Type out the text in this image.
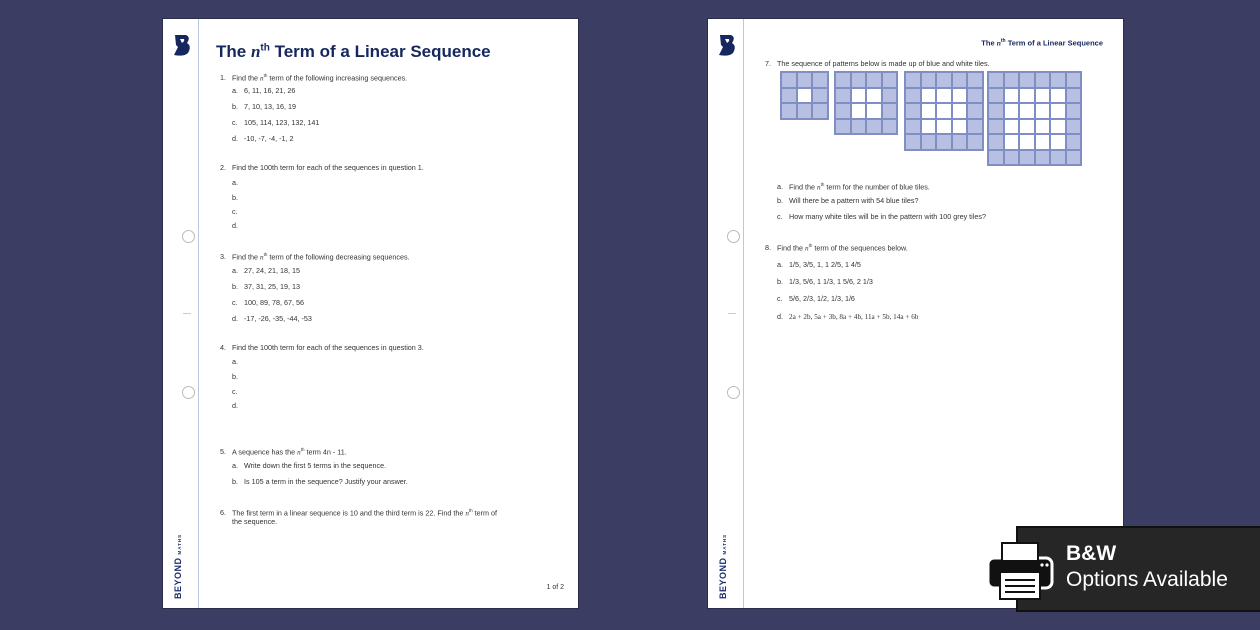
BEYONDMATHS
The $n^{th}$ Term of a Linear Sequence
1. Find the $n^{th}$ term of the following increasing sequences.
a. 6, 11, 16, 21, 26
b. 7, 10, 13, 16, 19
c. 105, 114, 123, 132, 141
d. -10, -7, -4, -1, 2
2. Find the 100th term for each of the sequences in question 1.
a.
b.
c.
d.
3. Find the $n^{th}$ term of the following decreasing sequences.
a. 27, 24, 21, 18, 15
b. 37, 31, 25, 19, 13
c. 100, 89, 78, 67, 56
d. -17, -26, -35, -44, -53
4. Find the 100th term for each of the sequences in question 3.
a.
b.
c.
d.
5. A sequence has the $n^{th}$ term 4n - 11.
a. Write down the first 5 terms in the sequence.
b. Is 105 a term in the sequence? Justify your answer.
6. The first term in a linear sequence is 10 and the third term is 22. Find the $n^{th}$ term of
the sequence.
1 of 2	BEYONDMATHS
The $n^{th}$ Term of a Linear Sequence
7. The sequence of patterns below is made up of blue and white tiles.
a. Find the $n^{th}$ term for the number of blue tiles.
b. Will there be a pattern with 54 blue tiles?
c. How many white tiles will be in the pattern with 100 grey tiles?
8. Find the $n^{th}$ term of the sequences below.
a. 1/5, 3/5, 1, 1 2/5, 1 4/5
b. 1/3, 5/6, 1 1/3, 1 5/6, 2 1/3
c. 5/6, 2/3, 1/2, 1/3, 1/6
d. 2a + 2b, 5a + 3b, 8a + 4b, 11a + 5b, 14a + 6b
B&W
Options Available
